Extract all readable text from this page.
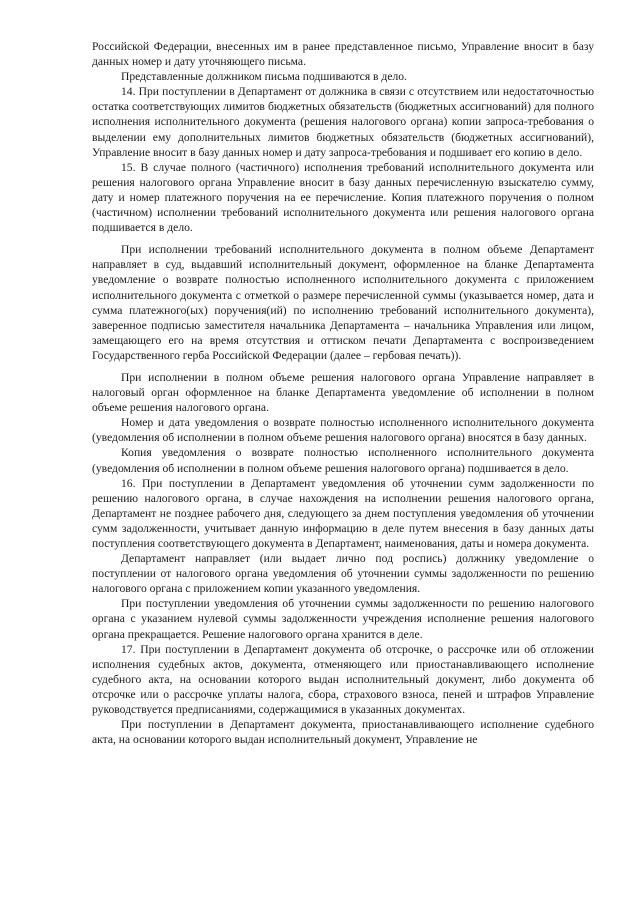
Российской Федерации, внесенных им в ранее представленное письмо, Управление вносит в базу данных номер и дату уточняющего письма.

Представленные должником письма подшиваются в дело.

14. При поступлении в Департамент от должника в связи с отсутствием или недостаточностью остатка соответствующих лимитов бюджетных обязательств (бюджетных ассигнований) для полного исполнения исполнительного документа (решения налогового органа) копии запроса-требования о выделении ему дополнительных лимитов бюджетных обязательств (бюджетных ассигнований), Управление вносит в базу данных номер и дату запроса-требования и подшивает его копию в дело.

15. В случае полного (частичного) исполнения требований исполнительного документа или решения налогового органа Управление вносит в базу данных перечисленную взыскателю сумму, дату и номер платежного поручения на ее перечисление. Копия платежного поручения о полном (частичном) исполнении требований исполнительного документа или решения налогового органа подшивается в дело.

При исполнении требований исполнительного документа в полном объеме Департамент направляет в суд, выдавший исполнительный документ, оформленное на бланке Департамента уведомление о возврате полностью исполненного исполнительного документа с приложением исполнительного документа с отметкой о размере перечисленной суммы (указывается номер, дата и сумма платежного(ых) поручения(ий) по исполнению требований исполнительного документа), заверенное подписью заместителя начальника Департамента – начальника Управления или лицом, замещающего его на время отсутствия и оттиском печати Департамента с воспроизведением Государственного герба Российской Федерации (далее – гербовая печать)).

При исполнении в полном объеме решения налогового органа Управление направляет в налоговый орган оформленное на бланке Департамента уведомление об исполнении в полном объеме решения налогового органа.

Номер и дата уведомления о возврате полностью исполненного исполнительного документа (уведомления об исполнении в полном объеме решения налогового органа) вносятся в базу данных.

Копия уведомления о возврате полностью исполненного исполнительного документа (уведомления об исполнении в полном объеме решения налогового органа) подшивается в дело.

16. При поступлении в Департамент уведомления об уточнении сумм задолженности по решению налогового органа, в случае нахождения на исполнении решения налогового органа, Департамент не позднее рабочего дня, следующего за днем поступления уведомления об уточнении сумм задолженности, учитывает данную информацию в деле путем внесения в базу данных даты поступления соответствующего документа в Департамент, наименования, даты и номера документа.

Департамент направляет (или выдает лично под роспись) должнику уведомление о поступлении от налогового органа уведомления об уточнении суммы задолженности по решению налогового органа с приложением копии указанного уведомления.

При поступлении уведомления об уточнении суммы задолженности по решению налогового органа с указанием нулевой суммы задолженности учреждения исполнение решения налогового органа прекращается. Решение налогового органа хранится в деле.

17. При поступлении в Департамент документа об отсрочке, о рассрочке или об отложении исполнения судебных актов, документа, отменяющего или приостанавливающего исполнение судебного акта, на основании которого выдан исполнительный документ, либо документа об отсрочке или о рассрочке уплаты налога, сбора, страхового взноса, пеней и штрафов Управление руководствуется предписаниями, содержащимися в указанных документах.

При поступлении в Департамент документа, приостанавливающего исполнение судебного акта, на основании которого выдан исполнительный документ, Управление не
